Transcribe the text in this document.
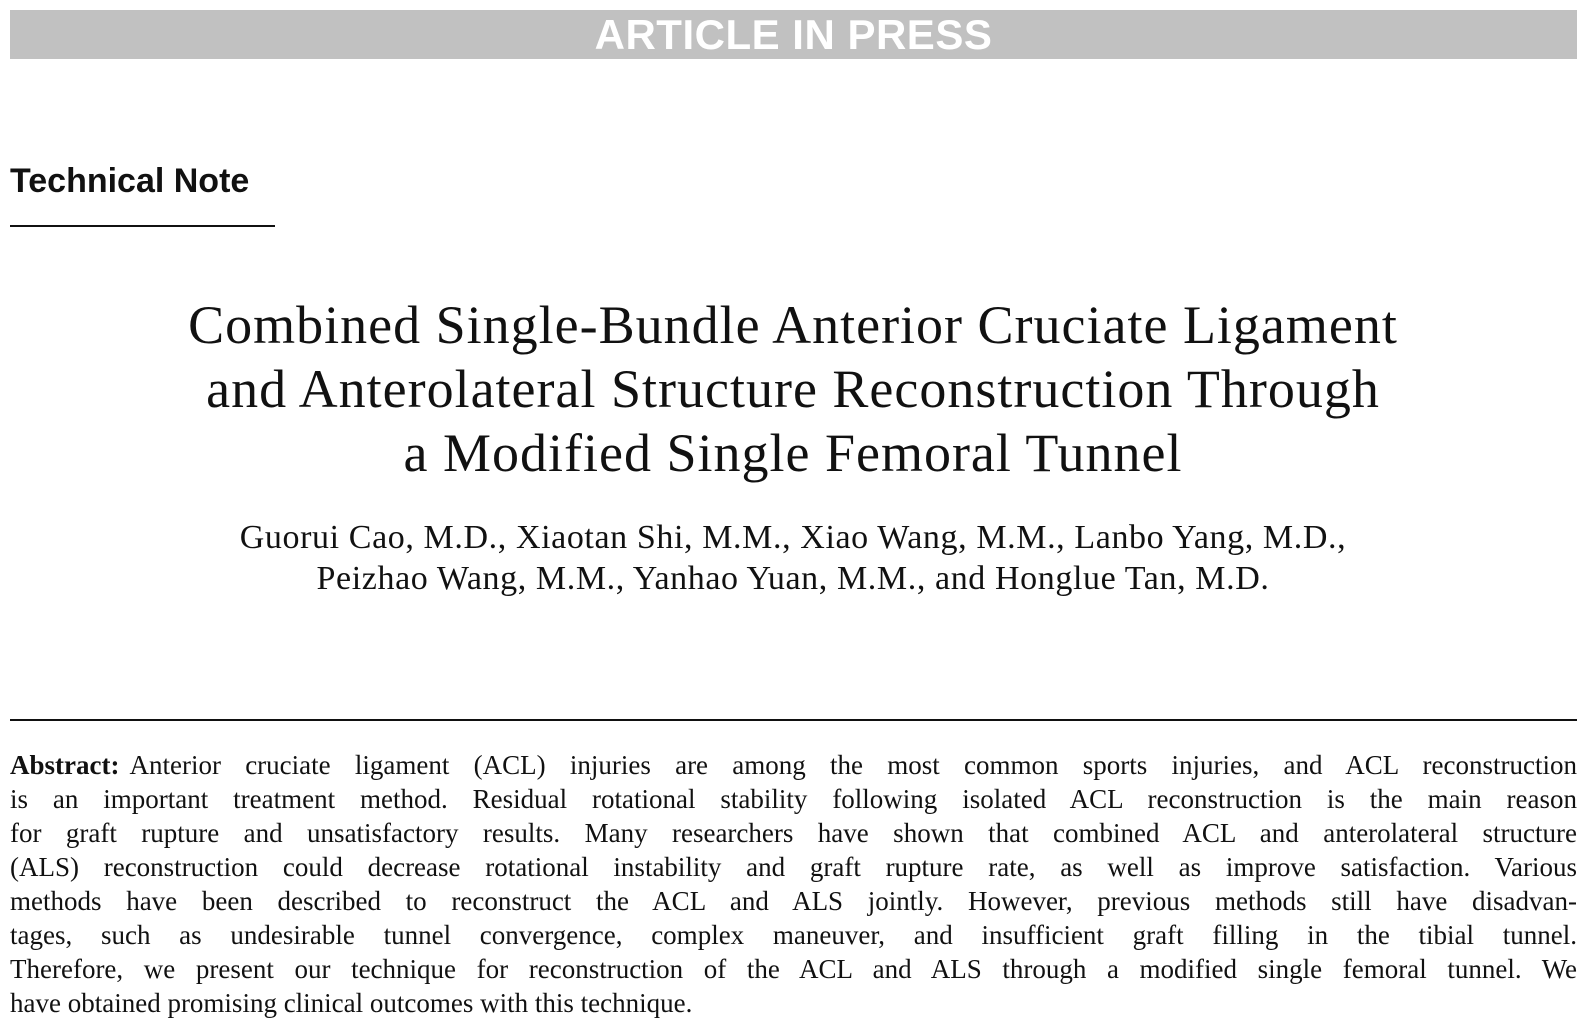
ARTICLE IN PRESS
Technical Note
Combined Single-Bundle Anterior Cruciate Ligament
and Anterolateral Structure Reconstruction Through
a Modified Single Femoral Tunnel
Guorui Cao, M.D., Xiaotan Shi, M.M., Xiao Wang, M.M., Lanbo Yang, M.D.,
Peizhao Wang, M.M., Yanhao Yuan, M.M., and Honglue Tan, M.D.
Abstract: Anterior cruciate ligament (ACL) injuries are among the most common sports injuries, and ACL reconstruction
is an important treatment method. Residual rotational stability following isolated ACL reconstruction is the main reason
for graft rupture and unsatisfactory results. Many researchers have shown that combined ACL and anterolateral structure
(ALS) reconstruction could decrease rotational instability and graft rupture rate, as well as improve satisfaction. Various
methods have been described to reconstruct the ACL and ALS jointly. However, previous methods still have disadvan-
tages, such as undesirable tunnel convergence, complex maneuver, and insufficient graft filling in the tibial tunnel.
Therefore, we present our technique for reconstruction of the ACL and ALS through a modified single femoral tunnel. We
have obtained promising clinical outcomes with this technique.
